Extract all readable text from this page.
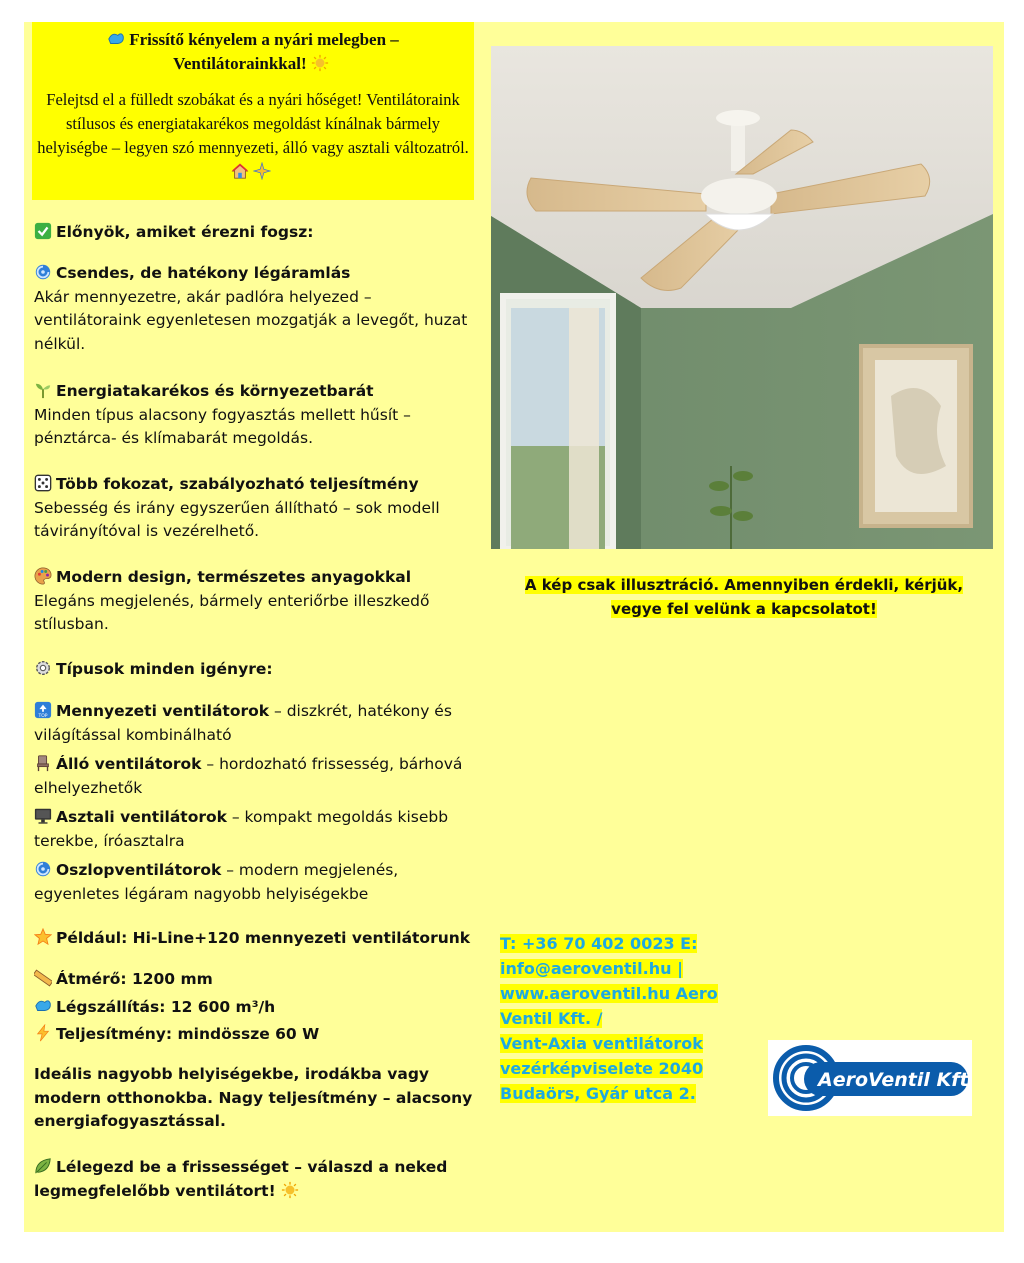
Frissítő kényelem a nyári melegben –
Ventilátorainkkal!
Felejtsd el a fülledt szobákat és a nyári hőséget! Ventilátoraink stílusos és energiatakarékos megoldást kínálnak bármely helyiségbe – legyen szó mennyezeti, álló vagy asztali változatról.
Előnyök, amiket érezni fogsz:
Csendes, de hatékony légáramlás
Akár mennyezetre, akár padlóra helyezed – ventilátoraink egyenletesen mozgatják a levegőt, huzat nélkül.
Energiatakarékos és környezetbarát
Minden típus alacsony fogyasztás mellett hűsít – pénztárca- és klímabarát megoldás.
Több fokozat, szabályozható teljesítmény
Sebesség és irány egyszerűen állítható – sok modell távirányítóval is vezérelhető.
Modern design, természetes anyagokkal
Elegáns megjelenés, bármely enteriőrbe illeszkedő stílusban.
Típusok minden igényre:
TOP Mennyezeti ventilátorok – diszkrét, hatékony és világítással kombinálható
Álló ventilátorok – hordozható frissesség, bárhová elhelyezhetők
Asztali ventilátorok – kompakt megoldás kisebb terekbe, íróasztalra
Oszlopventilátorok – modern megjelenés, egyenletes légáram nagyobb helyiségekbe
Például: Hi-Line+120 mennyezeti ventilátorunk
Átmérő: 1200 mm
Légszállítás: 12 600 m³/h
Teljesítmény: mindössze 60 W
Ideális nagyobb helyiségekbe, irodákba vagy modern otthonokba. Nagy teljesítmény – alacsony energiafogyasztással.
Lélegezd be a frissességet – válaszd a neked legmegfelelőbb ventilátort!
A kép csak illusztráció. Amennyiben érdekli, kérjük, vegye fel velünk a kapcsolatot!
T: +36 70 402 0023 E:
info@aeroventil.hu |
www.aeroventil.hu Aero
Ventil Kft. /
Vent-Axia ventilátorok
vezérképviselete 2040
Budaörs, Gyár utca 2.
AeroVentil Kft
